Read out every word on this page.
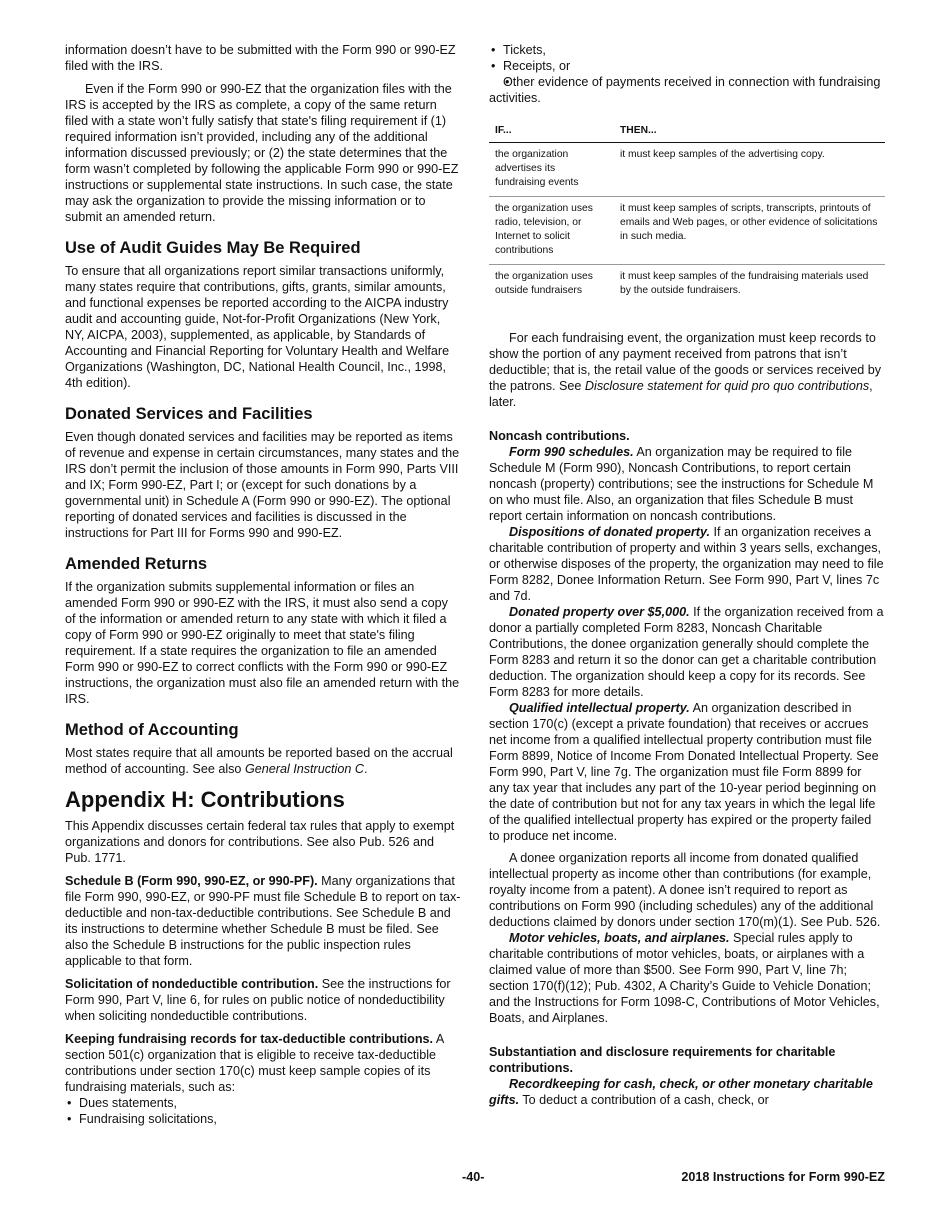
information doesn’t have to be submitted with the Form 990 or 990-EZ filed with the IRS.

Even if the Form 990 or 990-EZ that the organization files with the IRS is accepted by the IRS as complete, a copy of the same return filed with a state won’t fully satisfy that state's filing requirement if (1) required information isn’t provided, including any of the additional information discussed previously; or (2) the state determines that the form wasn’t completed by following the applicable Form 990 or 990-EZ instructions or supplemental state instructions. In such case, the state may ask the organization to provide the missing information or to submit an amended return.

Use of Audit Guides May Be Required

To ensure that all organizations report similar transactions uniformly, many states require that contributions, gifts, grants, similar amounts, and functional expenses be reported according to the AICPA industry audit and accounting guide, Not-for-Profit Organizations (New York, NY, AICPA, 2003), supplemented, as applicable, by Standards of Accounting and Financial Reporting for Voluntary Health and Welfare Organizations (Washington, DC, National Health Council, Inc., 1998, 4th edition).

Donated Services and Facilities

Even though donated services and facilities may be reported as items of revenue and expense in certain circumstances, many states and the IRS don’t permit the inclusion of those amounts in Form 990, Parts VIII and IX; Form 990-EZ, Part I; or (except for such donations by a governmental unit) in Schedule A (Form 990 or 990-EZ). The optional reporting of donated services and facilities is discussed in the instructions for Part III for Forms 990 and 990-EZ.

Amended Returns

If the organization submits supplemental information or files an amended Form 990 or 990-EZ with the IRS, it must also send a copy of the information or amended return to any state with which it filed a copy of Form 990 or 990-EZ originally to meet that state's filing requirement. If a state requires the organization to file an amended Form 990 or 990-EZ to correct conflicts with the Form 990 or 990-EZ instructions, the organization must also file an amended return with the IRS.

Method of Accounting

Most states require that all amounts be reported based on the accrual method of accounting. See also General Instruction C.

Appendix H: Contributions

This Appendix discusses certain federal tax rules that apply to exempt organizations and donors for contributions. See also Pub. 526 and Pub. 1771.

Schedule B (Form 990, 990-EZ, or 990-PF). Many organizations that file Form 990, 990-EZ, or 990-PF must file Schedule B to report on tax-deductible and non-tax-deductible contributions. See Schedule B and its instructions to determine whether Schedule B must be filed. See also the Schedule B instructions for the public inspection rules applicable to that form.

Solicitation of nondeductible contribution. See the instructions for Form 990, Part V, line 6, for rules on public notice of nondeductibility when soliciting nondeductible contributions.

Keeping fundraising records for tax-deductible contributions. A section 501(c) organization that is eligible to receive tax-deductible contributions under section 170(c) must keep sample copies of its fundraising materials, such as:

• Dues statements,
• Fundraising solicitations,
• Tickets,
• Receipts, or
• Other evidence of payments received in connection with fundraising activities.
IF...	THEN...
the organization advertises its fundraising events	it must keep samples of the advertising copy.
the organization uses radio, television, or Internet to solicit contributions	it must keep samples of scripts, transcripts, printouts of emails and Web pages, or other evidence of solicitations in such media.
the organization uses outside fundraisers	it must keep samples of the fundraising materials used by the outside fundraisers.

For each fundraising event, the organization must keep records to show the portion of any payment received from patrons that isn’t deductible; that is, the retail value of the goods or services received by the patrons. See Disclosure statement for quid pro quo contributions, later.

Noncash contributions.

Form 990 schedules. An organization may be required to file Schedule M (Form 990), Noncash Contributions, to report certain noncash (property) contributions; see the instructions for Schedule M on who must file. Also, an organization that files Schedule B must report certain information on noncash contributions.

Dispositions of donated property. If an organization receives a charitable contribution of property and within 3 years sells, exchanges, or otherwise disposes of the property, the organization may need to file Form 8282, Donee Information Return. See Form 990, Part V, lines 7c and 7d.

Donated property over $5,000. If the organization received from a donor a partially completed Form 8283, Noncash Charitable Contributions, the donee organization generally should complete the Form 8283 and return it so the donor can get a charitable contribution deduction. The organization should keep a copy for its records. See Form 8283 for more details.

Qualified intellectual property. An organization described in section 170(c) (except a private foundation) that receives or accrues net income from a qualified intellectual property contribution must file Form 8899, Notice of Income From Donated Intellectual Property. See Form 990, Part V, line 7g. The organization must file Form 8899 for any tax year that includes any part of the 10-year period beginning on the date of contribution but not for any tax years in which the legal life of the qualified intellectual property has expired or the property failed to produce net income.

A donee organization reports all income from donated qualified intellectual property as income other than contributions (for example, royalty income from a patent). A donee isn’t required to report as contributions on Form 990 (including schedules) any of the additional deductions claimed by donors under section 170(m)(1). See Pub. 526.

Motor vehicles, boats, and airplanes. Special rules apply to charitable contributions of motor vehicles, boats, or airplanes with a claimed value of more than $500. See Form 990, Part V, line 7h; section 170(f)(12); Pub. 4302, A Charity’s Guide to Vehicle Donation; and the Instructions for Form 1098-C, Contributions of Motor Vehicles, Boats, and Airplanes.

Substantiation and disclosure requirements for charitable contributions.

Recordkeeping for cash, check, or other monetary charitable gifts. To deduct a contribution of a cash, check, or

-40-	2018 Instructions for Form 990-EZ
